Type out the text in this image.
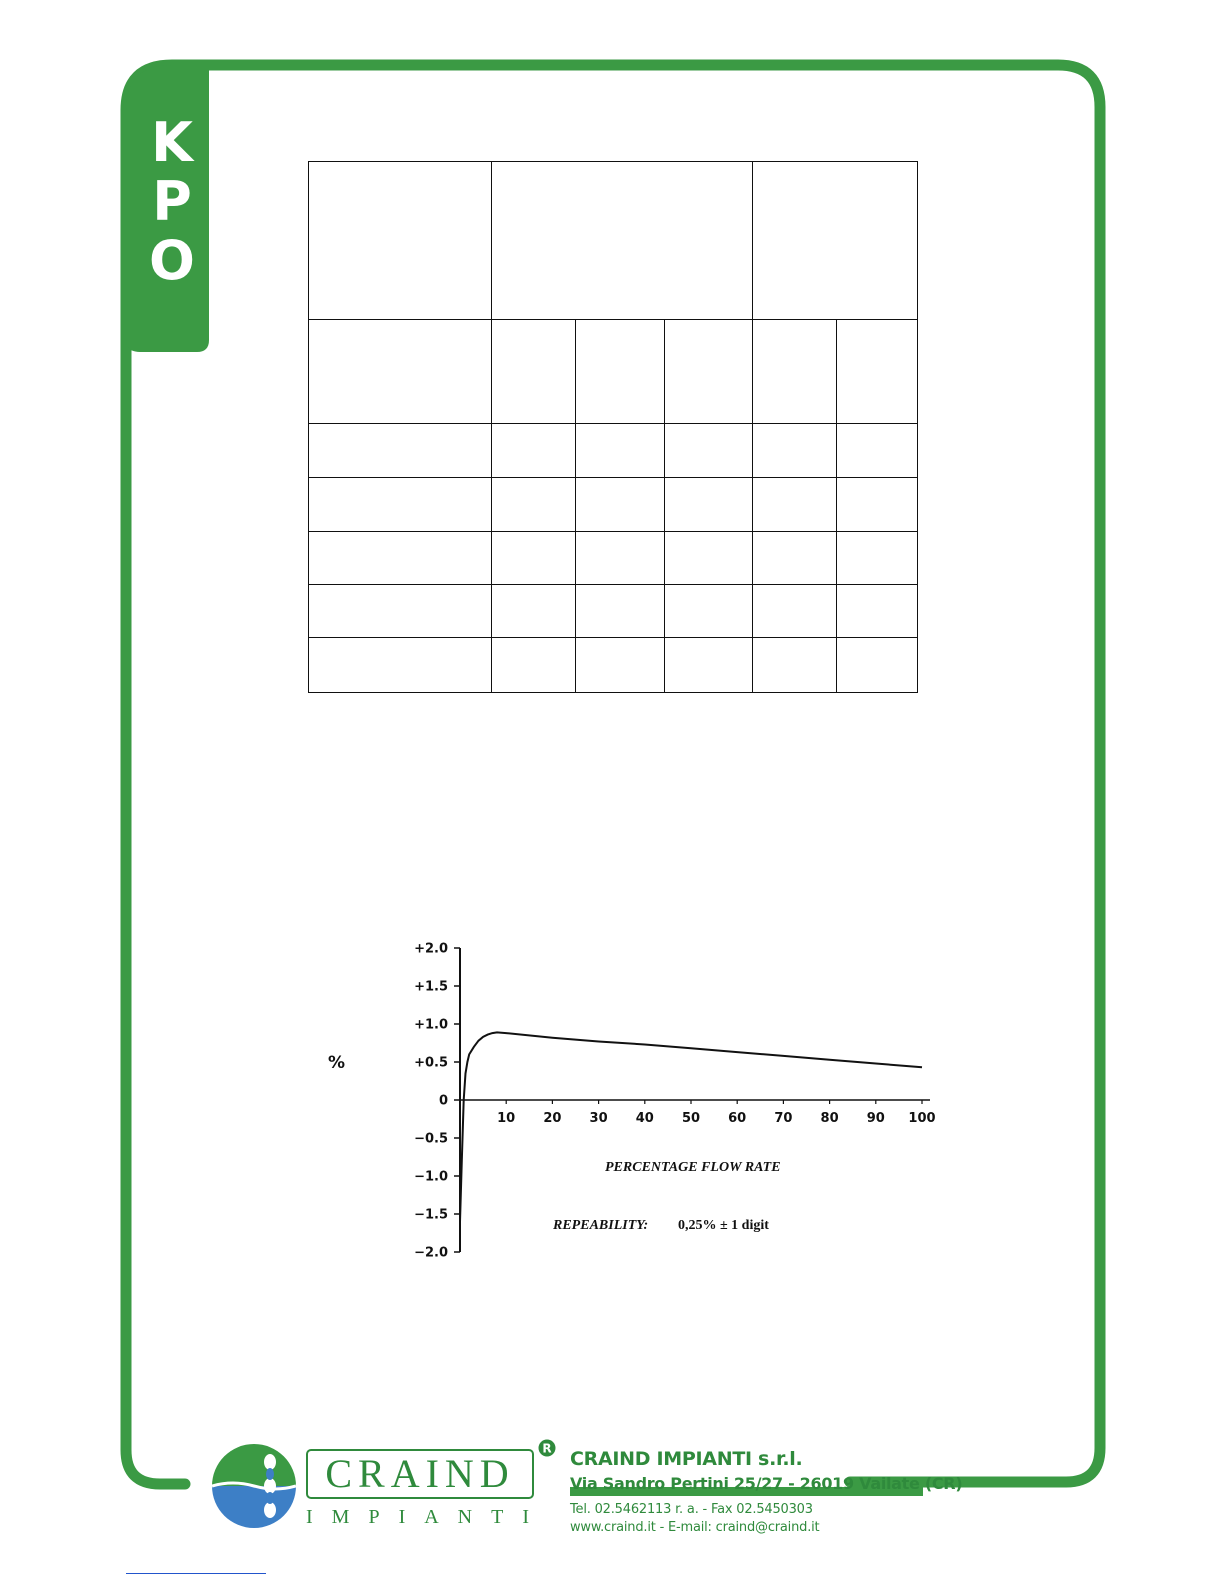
K
P
O

+2.0
+1.5
+1.0
+0.5
0
−0.5
−1.0
−1.5
−2.0
10 20 30 40 50 60 70 80 90 100
%
PERCENTAGE FLOW RATE
REPEABILITY: 0,25% ± 1 digit
CRAIND
IMPIANTI
R CRAIND IMPIANTI s.r.l.
Via Sandro Pertini 25/27 - 26019 Vailate (CR)
Tel. 02.5462113 r. a. - Fax 02.5450303
www.craind.it - E-mail: craind@craind.it
